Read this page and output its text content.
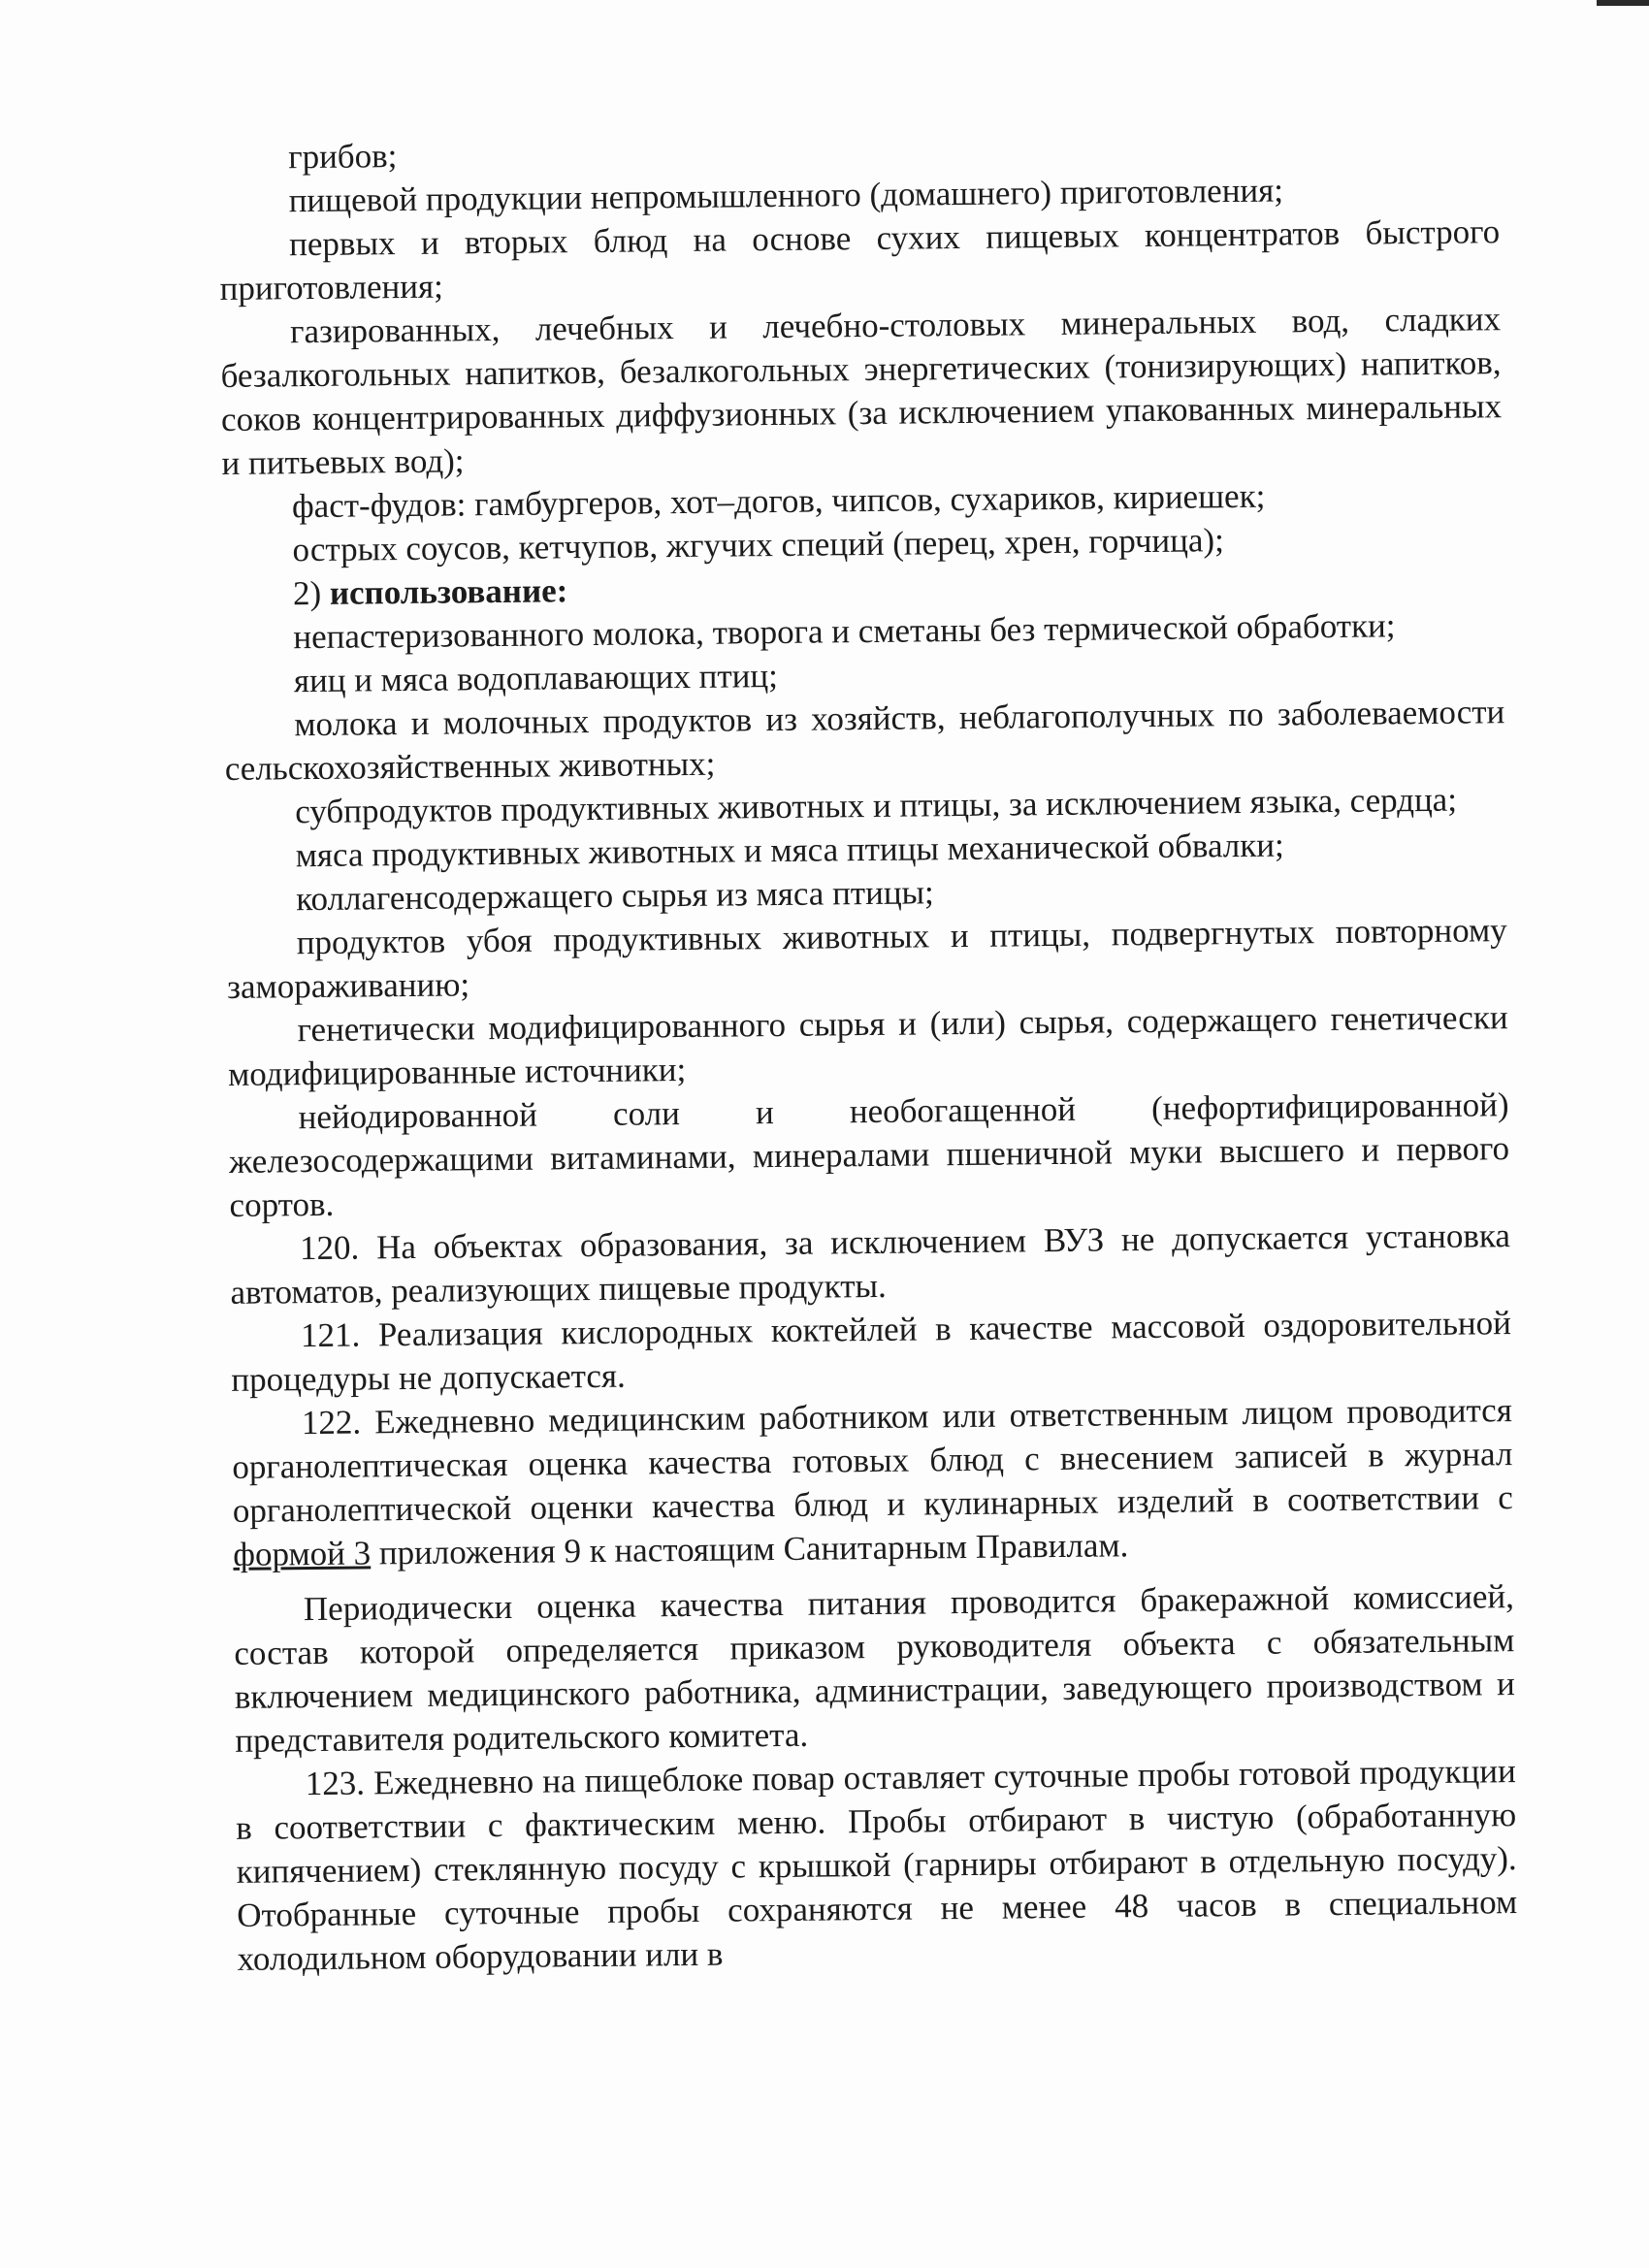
грибов;

пищевой продукции непромышленного (домашнего) приготовления;

первых и вторых блюд на основе сухих пищевых концентратов быстрого приготовления;

газированных, лечебных и лечебно-столовых минеральных вод, сладких безалкогольных напитков, безалкогольных энергетических (тонизирующих) напитков, соков концентрированных диффузионных (за исключением упакованных минеральных и питьевых вод);

фаст-фудов: гамбургеров, хот–догов, чипсов, сухариков, кириешек;

острых соусов, кетчупов, жгучих специй (перец, хрен, горчица);

2) использование:

непастеризованного молока, творога и сметаны без термической обработки;

яиц и мяса водоплавающих птиц;

молока и молочных продуктов из хозяйств, неблагополучных по заболеваемости сельскохозяйственных животных;

субпродуктов продуктивных животных и птицы, за исключением языка, сердца;

мяса продуктивных животных и мяса птицы механической обвалки;

коллагенсодержащего сырья из мяса птицы;

продуктов убоя продуктивных животных и птицы, подвергнутых повторному замораживанию;

генетически модифицированного сырья и (или) сырья, содержащего генетически модифицированные источники;

нейодированной соли и необогащенной (нефортифицированной) железосодержащими витаминами, минералами пшеничной муки высшего и первого сортов.

120. На объектах образования, за исключением ВУЗ не допускается установка автоматов, реализующих пищевые продукты.

121. Реализация кислородных коктейлей в качестве массовой оздоровительной процедуры не допускается.

122. Ежедневно медицинским работником или ответственным лицом проводится органолептическая оценка качества готовых блюд с внесением записей в журнал органолептической оценки качества блюд и кулинарных изделий в соответствии с формой 3 приложения 9 к настоящим Санитарным Правилам.

Периодически оценка качества питания проводится бракеражной комиссией, состав которой определяется приказом руководителя объекта с обязательным включением медицинского работника, администрации, заведующего производством и представителя родительского комитета.

123. Ежедневно на пищеблоке повар оставляет суточные пробы готовой продукции в соответствии с фактическим меню. Пробы отбирают в чистую (обработанную кипячением) стеклянную посуду с крышкой (гарниры отбирают в отдельную посуду). Отобранные суточные пробы сохраняются не менее 48 часов в специальном холодильном оборудовании или в
